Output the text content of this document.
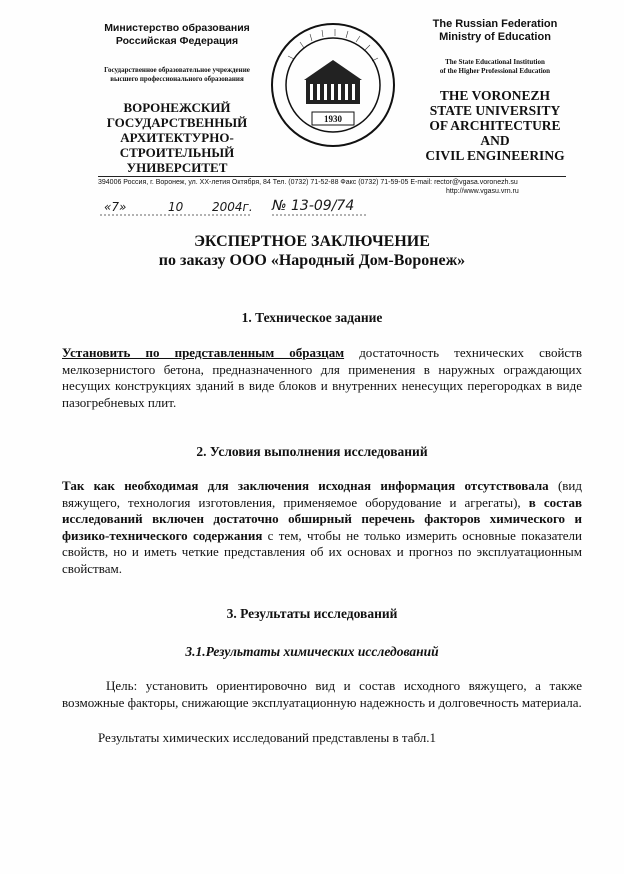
Министерство образования
Российская Федерация
Государственное образовательное учреждение
высшего профессионального образования
ВОРОНЕЖСКИЙ
ГОСУДАРСТВЕННЫЙ
АРХИТЕКТУРНО-
СТРОИТЕЛЬНЫЙ
УНИВЕРСИТЕТ
1930
The Russian Federation
Ministry of Education
The State Educational Institution
of the Higher Professional Education
THE VORONEZH
STATE UNIVERSITY
OF ARCHITECTURE
AND
CIVIL ENGINEERING
394006 Россия, г. Воронеж, ул. XX-летия Октября, 84 Тел. (0732) 71-52-88 Факс (0732) 71-59-05 E-mail: rector@vgasa.voronezh.su
http://www.vgasu.vrn.ru
«7»	10 2004г. № 13-09/74
ЭКСПЕРТНОЕ ЗАКЛЮЧЕНИЕ
по заказу ООО «Народный Дом-Воронеж»
1. Техническое задание
Установить по представленным образцам достаточность технических свойств мелкозернистого бетона, предназначенного для применения в наружных ограждающих несущих конструкциях зданий в виде блоков и внутренних ненесущих перегородках в виде пазогребневых плит.
2. Условия выполнения исследований
Так как необходимая для заключения исходная информация отсутствовала (вид вяжущего, технология изготовления, применяемое оборудование и агрегаты), в состав исследований включен достаточно обширный перечень факторов химического и физико-технического содержания с тем, чтобы не только измерить основные показатели свойств, но и иметь четкие представления об их основах и прогноз по эксплуатационным свойствам.
3. Результаты исследований
3.1.Результаты химических исследований
Цель: установить ориентировочно вид и состав исходного вяжущего, а также возможные факторы, снижающие эксплуатационную надежность и долговечность материала.
Результаты химических исследований представлены в табл.1
